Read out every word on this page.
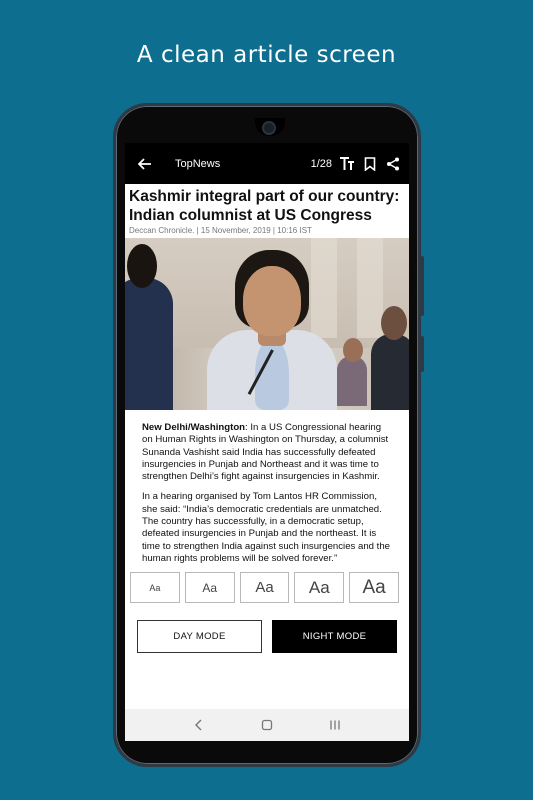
A clean article screen
TopNews	1/28
Kashmir integral part of our country: Indian columnist at US Congress
Deccan Chronicle. | 15 November, 2019 | 10:16 IST

New Delhi/Washington: In a US Congressional hearing on Human Rights in Washington on Thursday, a columnist Sunanda Vashisht said India has successfully defeated insurgencies in Punjab and Northeast and it was time to strengthen Delhi’s fight against insurgencies in Kashmir.

In a hearing organised by Tom Lantos HR Commission, she said: “India’s democratic credentials are unmatched. The country has successfully, in a democratic setup, defeated insurgencies in Punjab and the northeast. It is time to strengthen India against such insurgencies and the human rights problems will be solved forever.”

Aa	Aa	Aa	Aa	Aa
DAY MODE	NIGHT MODE
